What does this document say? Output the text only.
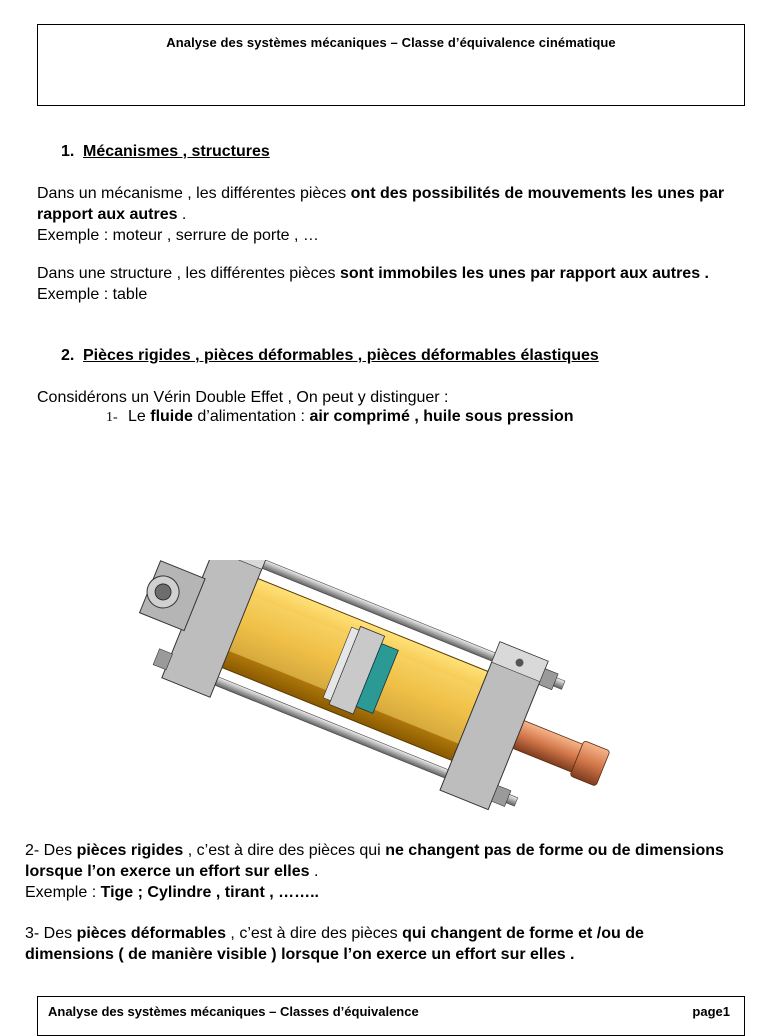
Analyse des systèmes mécaniques – Classe d’équivalence cinématique
1. Mécanismes , structures
Dans un mécanisme , les différentes pièces ont des possibilités de mouvements les unes par rapport aux autres .
Exemple : moteur , serrure de porte , …
Dans une structure , les différentes pièces sont immobiles les unes par rapport aux autres .
Exemple : table
2. Pièces rigides , pièces déformables , pièces déformables élastiques
Considérons un Vérin Double Effet , On peut y distinguer :
1- Le fluide d’alimentation : air comprimé , huile sous pression
2- Des pièces rigides , c’est à dire des pièces qui ne changent pas de forme ou de dimensions lorsque l’on exerce un effort sur elles .
Exemple : Tige ; Cylindre , tirant , ……..
3- Des pièces déformables , c’est à dire des pièces qui changent de forme et /ou de dimensions ( de manière visible ) lorsque l’on exerce un effort sur elles .
Analyse des systèmes mécaniques – Classes d’équivalence	page1
